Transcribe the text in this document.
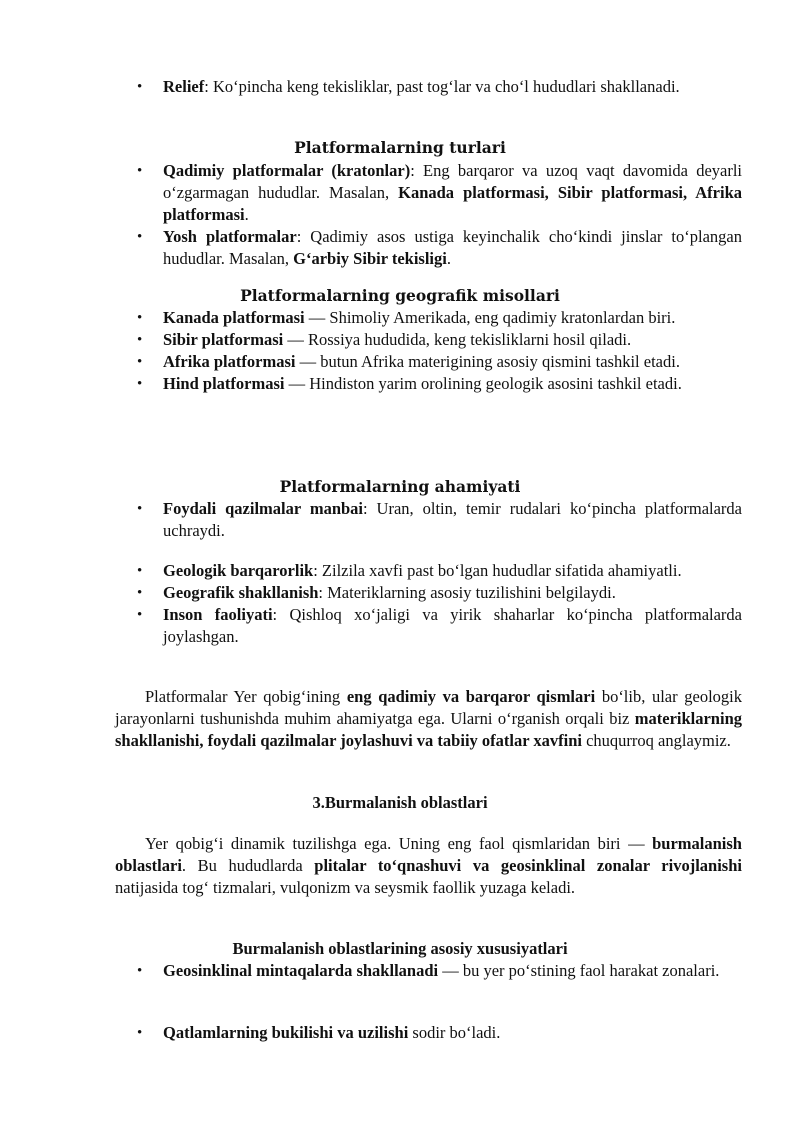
• Relief: Koʻpincha keng tekisliklar, past togʻlar va choʻl hududlari shakllanadi.
Platformalarning turlari
• Qadimiy platformalar (kratonlar): Eng barqaror va uzoq vaqt davomida deyarli oʻzgarmagan hududlar. Masalan, Kanada platformasi, Sibir platformasi, Afrika platformasi.
• Yosh platformalar: Qadimiy asos ustiga keyinchalik choʻkindi jinslar toʻplangan hududlar. Masalan, Gʻarbiy Sibir tekisligi.
Platformalarning geografik misollari
• Kanada platformasi — Shimoliy Amerikada, eng qadimiy kratonlardan biri.
• Sibir platformasi — Rossiya hududida, keng tekisliklarni hosil qiladi.
• Afrika platformasi — butun Afrika materigining asosiy qismini tashkil etadi.
• Hind platformasi — Hindiston yarim orolining geologik asosini tashkil etadi.
Platformalarning ahamiyati
• Foydali qazilmalar manbai: Uran, oltin, temir rudalari koʻpincha platformalarda uchraydi.
• Geologik barqarorlik: Zilzila xavfi past boʻlgan hududlar sifatida ahamiyatli.
• Geografik shakllanish: Materiklarning asosiy tuzilishini belgilaydi.
• Inson faoliyati: Qishloq xoʻjaligi va yirik shaharlar koʻpincha platformalarda joylashgan.

Platformalar Yer qobigʻining eng qadimiy va barqaror qismlari boʻlib, ular geologik jarayonlarni tushunishda muhim ahamiyatga ega. Ularni oʻrganish orqali biz materiklarning shakllanishi, foydali qazilmalar joylashuvi va tabiiy ofatlar xavfini chuqurroq anglaymiz.

3.Burmalanish oblastlari

Yer qobigʻi dinamik tuzilishga ega. Uning eng faol qismlaridan biri — burmalanish oblastlari. Bu hududlarda plitalar toʻqnashuvi va geosinklinal zonalar rivojlanishi natijasida togʻ tizmalari, vulqonizm va seysmik faollik yuzaga keladi.

Burmalanish oblastlarining asosiy xususiyatlari
• Geosinklinal mintaqalarda shakllanadi — bu yer poʻstining faol harakat zonalari.
• Qatlamlarning bukilishi va uzilishi sodir boʻladi.
